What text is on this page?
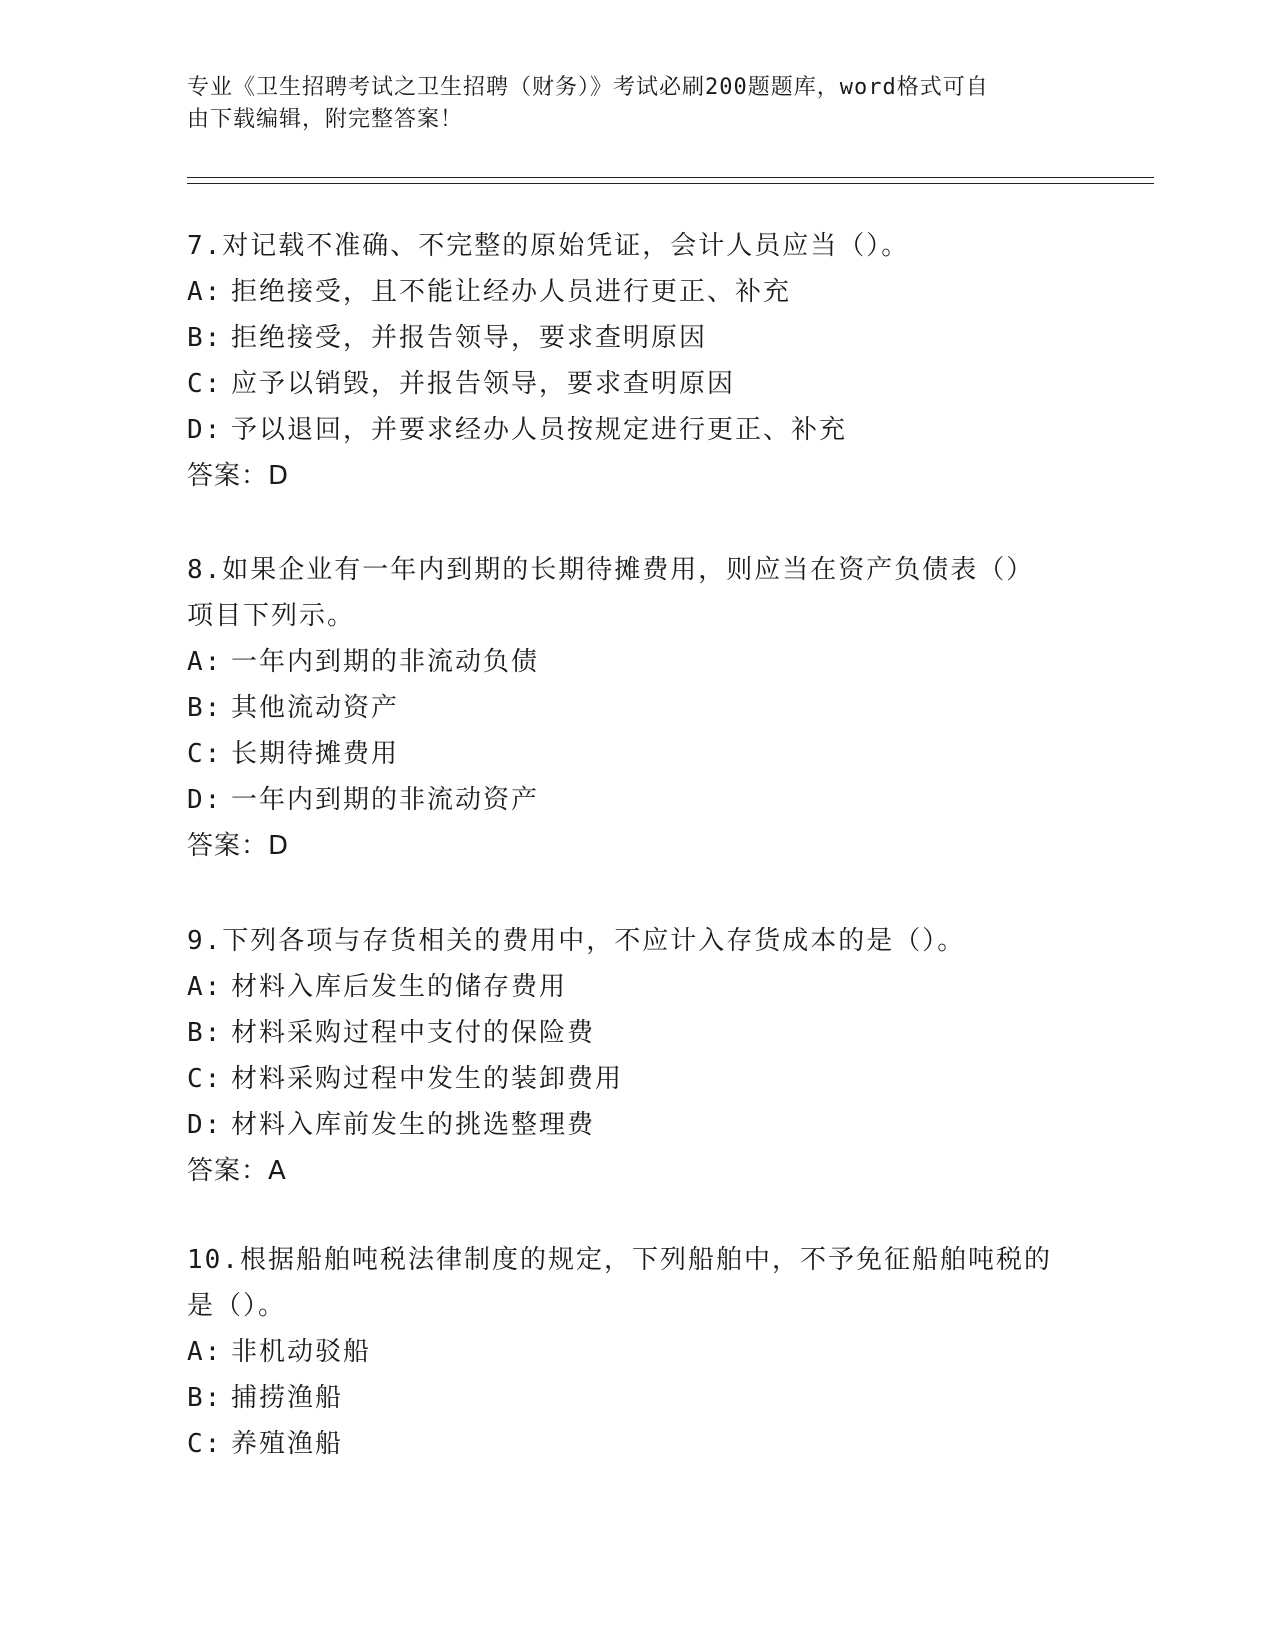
专业《卫生招聘考试之卫生招聘（财务）》考试必刷200题题库，word格式可自
由下载编辑，附完整答案！

7.对记载不准确、不完整的原始凭证，会计人员应当（）。

A: 拒绝接受，且不能让经办人员进行更正、补充

B: 拒绝接受，并报告领导，要求查明原因

C: 应予以销毁，并报告领导，要求查明原因

D: 予以退回，并要求经办人员按规定进行更正、补充

答案：D

8.如果企业有一年内到期的长期待摊费用，则应当在资产负债表（）

项目下列示。

A: 一年内到期的非流动负债

B: 其他流动资产

C: 长期待摊费用

D: 一年内到期的非流动资产

答案：D

9.下列各项与存货相关的费用中，不应计入存货成本的是（）。

A: 材料入库后发生的储存费用

B: 材料采购过程中支付的保险费

C: 材料采购过程中发生的装卸费用

D: 材料入库前发生的挑选整理费

答案：A

10.根据船舶吨税法律制度的规定，下列船舶中，不予免征船舶吨税的

是（）。

A: 非机动驳船

B: 捕捞渔船

C: 养殖渔船
